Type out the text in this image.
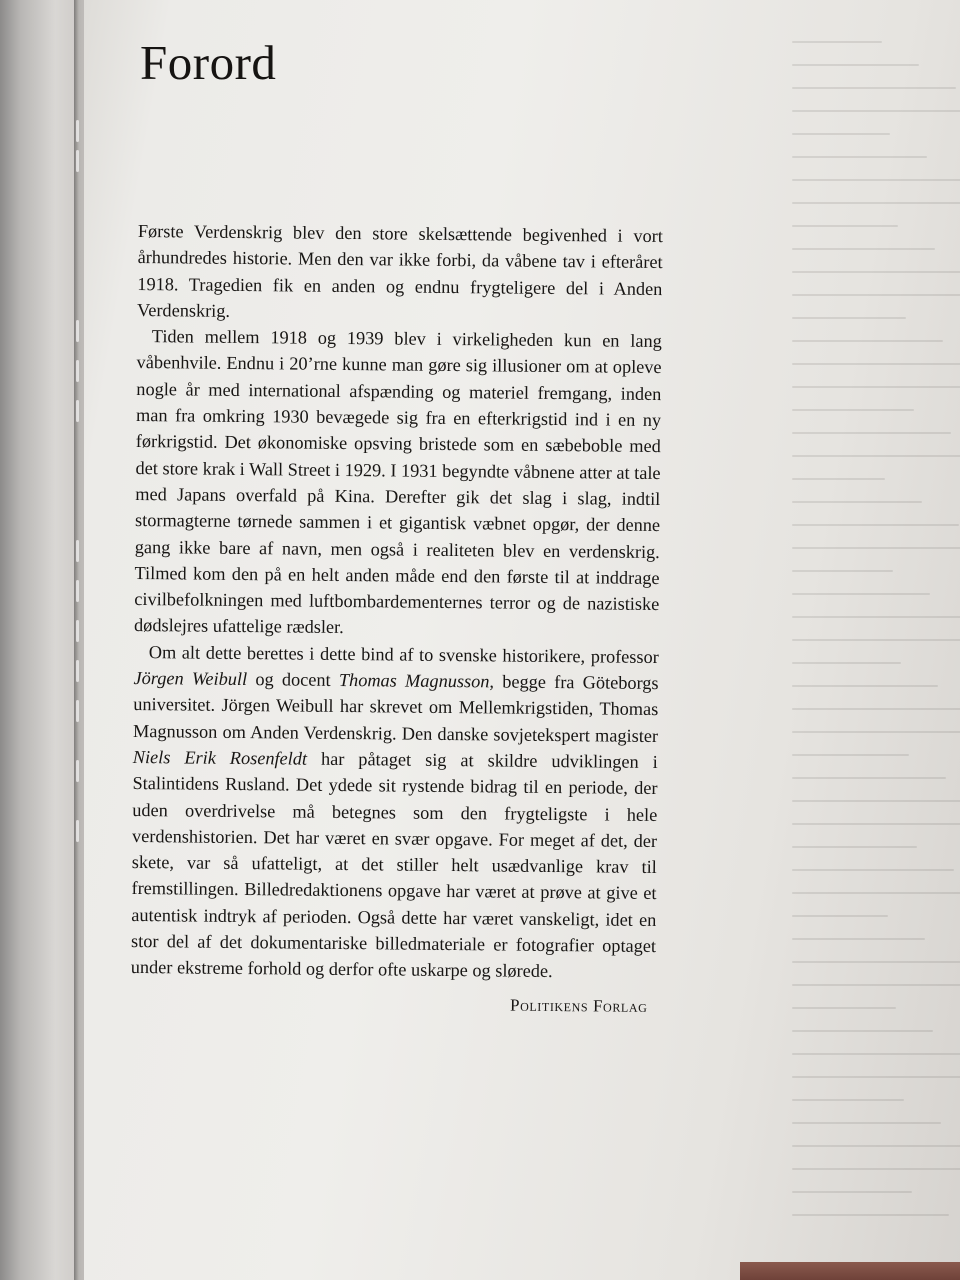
Forord

Første Verdenskrig blev den store skelsættende begivenhed i vort århundredes historie. Men den var ikke forbi, da våbene tav i efteråret 1918. Tragedien fik en anden og endnu frygteligere del i Anden Verdenskrig.

Tiden mellem 1918 og 1939 blev i virkeligheden kun en lang våbenhvile. Endnu i 20’rne kunne man gøre sig illusioner om at opleve nogle år med international afspænding og materiel fremgang, inden man fra omkring 1930 bevægede sig fra en efterkrigstid ind i en ny førkrigstid. Det økonomiske opsving bristede som en sæbeboble med det store krak i Wall Street i 1929. I 1931 begyndte våbnene atter at tale med Japans overfald på Kina. Derefter gik det slag i slag, indtil stormagterne tørnede sammen i et gigantisk væbnet opgør, der denne gang ikke bare af navn, men også i realiteten blev en verdenskrig. Tilmed kom den på en helt anden måde end den første til at inddrage civilbefolkningen med luftbombardementernes terror og de nazistiske dødslejres ufattelige rædsler.

Om alt dette berettes i dette bind af to svenske historikere, professor Jörgen Weibull og docent Thomas Magnusson, begge fra Göteborgs universitet. Jörgen Weibull har skrevet om Mellemkrigstiden, Thomas Magnusson om Anden Verdenskrig. Den danske sovjetekspert magister Niels Erik Rosenfeldt har påtaget sig at skildre udviklingen i Stalintidens Rusland. Det ydede sit rystende bidrag til en periode, der uden overdrivelse må betegnes som den frygteligste i hele verdenshistorien. Det har været en svær opgave. For meget af det, der skete, var så ufatteligt, at det stiller helt usædvanlige krav til fremstillingen. Billedredaktionens opgave har været at prøve at give et autentisk indtryk af perioden. Også dette har været vanskeligt, idet en stor del af det dokumentariske billedmateriale er fotografier optaget under ekstreme forhold og derfor ofte uskarpe og slørede.

Politikens Forlag
